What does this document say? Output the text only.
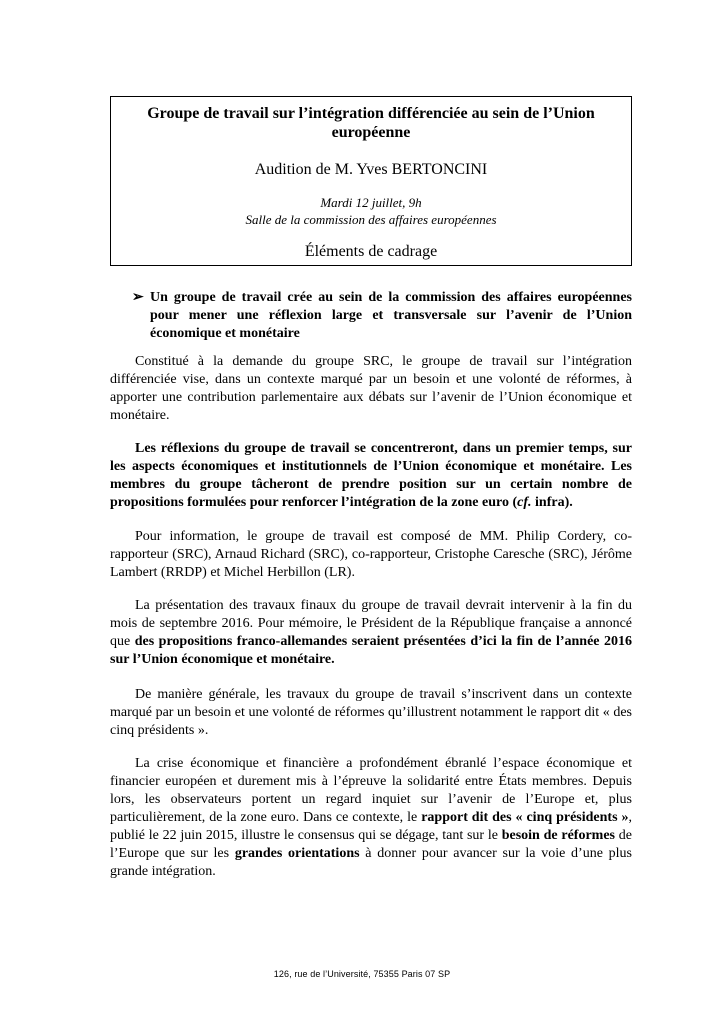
Groupe de travail sur l’intégration différenciée au sein de l’Union européenne
Audition de M. Yves BERTONCINI
Mardi 12 juillet, 9h
Salle de la commission des affaires européennes
Éléments de cadrage
➢ Un groupe de travail crée au sein de la commission des affaires européennes pour mener une réflexion large et transversale sur l’avenir de l’Union économique et monétaire
Constitué à la demande du groupe SRC, le groupe de travail sur l’intégration différenciée vise, dans un contexte marqué par un besoin et une volonté de réformes, à apporter une contribution parlementaire aux débats sur l’avenir de l’Union économique et monétaire.
Les réflexions du groupe de travail se concentreront, dans un premier temps, sur les aspects économiques et institutionnels de l’Union économique et monétaire. Les membres du groupe tâcheront de prendre position sur un certain nombre de propositions formulées pour renforcer l’intégration de la zone euro (cf. infra).
Pour information, le groupe de travail est composé de MM. Philip Cordery, co-rapporteur (SRC), Arnaud Richard (SRC), co-rapporteur, Cristophe Caresche (SRC), Jérôme Lambert (RRDP) et Michel Herbillon (LR).
La présentation des travaux finaux du groupe de travail devrait intervenir à la fin du mois de septembre 2016. Pour mémoire, le Président de la République française a annoncé que des propositions franco-allemandes seraient présentées d’ici la fin de l’année 2016 sur l’Union économique et monétaire.
De manière générale, les travaux du groupe de travail s’inscrivent dans un contexte marqué par un besoin et une volonté de réformes qu’illustrent notamment le rapport dit « des cinq présidents ».
La crise économique et financière a profondément ébranlé l’espace économique et financier européen et durement mis à l’épreuve la solidarité entre États membres. Depuis lors, les observateurs portent un regard inquiet sur l’avenir de l’Europe et, plus particulièrement, de la zone euro. Dans ce contexte, le rapport dit des « cinq présidents », publié le 22 juin 2015, illustre le consensus qui se dégage, tant sur le besoin de réformes de l’Europe que sur les grandes orientations à donner pour avancer sur la voie d’une plus grande intégration.
126, rue de l’Université, 75355 Paris 07 SP
